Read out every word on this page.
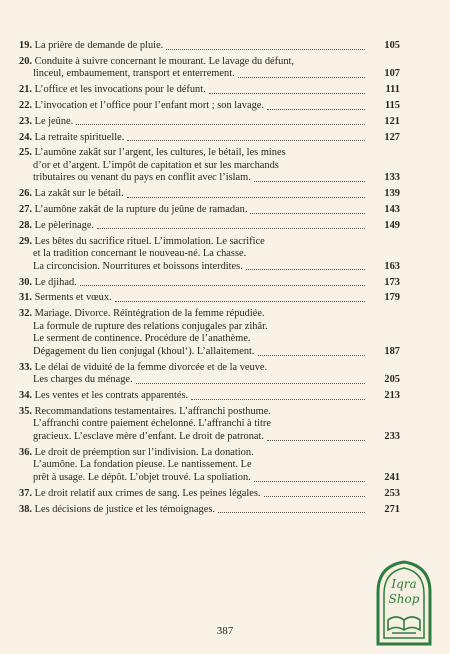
19. La prière de demande de pluie.	105
20. Conduite à suivre concernant le mourant. Le lavage du défunt,
linceul, embaumement, transport et enterrement.	107
21. L’office et les invocations pour le défunt.	111
22. L’invocation et l’office pour l’enfant mort ; son lavage.	115
23. Le jeûne.	121
24. La retraite spirituelle.	127
25. L’aumône zakât sur l’argent, les cultures, le bétail, les mines
d’or et d’argent. L’impôt de capitation et sur les marchands
tributaires ou venant du pays en conflit avec l’islam.	133
26. La zakât sur le bétail.	139
27. L’aumône zakât de la rupture du jeûne de ramadan.	143
28. Le pèlerinage.	149
29. Les bêtes du sacrifice rituel. L’immolation. Le sacrifice
et la tradition concernant le nouveau-né. La chasse.
La circoncision. Nourritures et boissons interdites.	163
30. Le djihad.	173
31. Serments et vœux.	179
32. Mariage. Divorce. Réintégration de la femme répudiée.
La formule de rupture des relations conjugales par zihâr.
Le serment de continence. Procédure de l’anathème.
Dégagement du lien conjugal (khoul‘). L’allaitement.	187
33. Le délai de viduité de la femme divorcée et de la veuve.
Les charges du ménage.	205
34. Les ventes et les contrats apparentés.	213
35. Recommandations testamentaires. L’affranchi posthume.
L’affranchi contre paiement échelonné. L’affranchi à titre
gracieux. L’esclave mère d’enfant. Le droit de patronat.	233
36. Le droit de préemption sur l’indivision. La donation.
L’aumône. La fondation pieuse. Le nantissement. Le
prêt à usage. Le dépôt. L’objet trouvé. La spoliation.	241
37. Le droit relatif aux crimes de sang. Les peines légales.	253
38. Les décisions de justice et les témoignages.	271
387
Iqra
Shop
